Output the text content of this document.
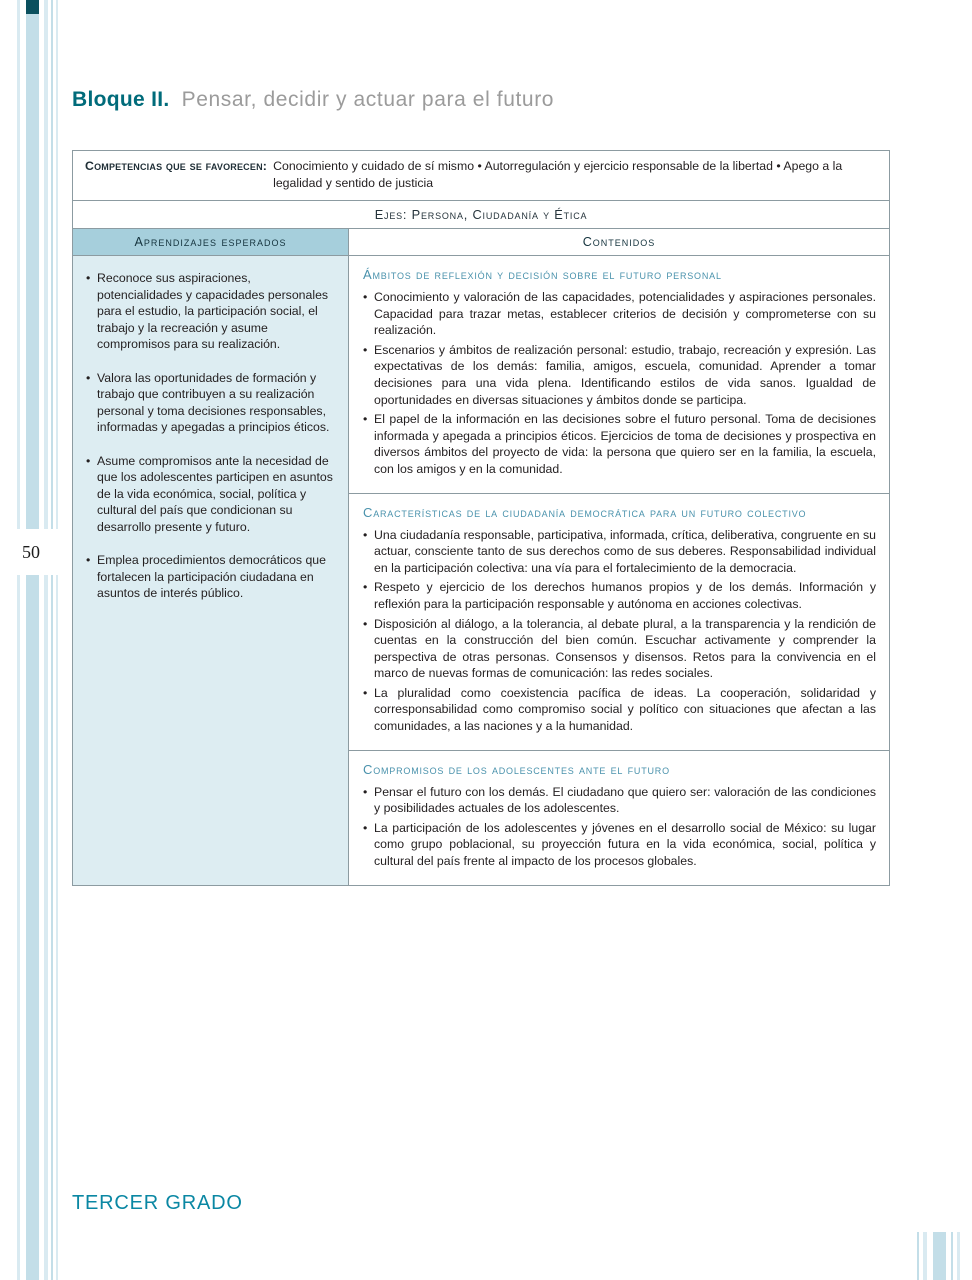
50
Bloque II. Pensar, decidir y actuar para el futuro
Competencias que se favorecen: Conocimiento y cuidado de sí mismo • Autorregulación y ejercicio responsable de la libertad • Apego a la legalidad y sentido de justicia
Ejes: Persona, Ciudadanía y Ética
Aprendizajes esperados	Contenidos
• Reconoce sus aspiraciones, potencialidades y capacidades personales para el estudio, la participación social, el trabajo y la recreación y asume compromisos para su realización.
• Valora las oportunidades de formación y trabajo que contribuyen a su realización personal y toma decisiones responsables, informadas y apegadas a principios éticos.
• Asume compromisos ante la necesidad de que los adolescentes participen en asuntos de la vida económica, social, política y cultural del país que condicionan su desarrollo presente y futuro.
• Emplea procedimientos democráticos que fortalecen la participación ciudadana en asuntos de interés público.
Ámbitos de reflexión y decisión sobre el futuro personal
• Conocimiento y valoración de las capacidades, potencialidades y aspiraciones personales. Capacidad para trazar metas, establecer criterios de decisión y comprometerse con su realización.
• Escenarios y ámbitos de realización personal: estudio, trabajo, recreación y expresión. Las expectativas de los demás: familia, amigos, escuela, comunidad. Aprender a tomar decisiones para una vida plena. Identificando estilos de vida sanos. Igualdad de oportunidades en diversas situaciones y ámbitos donde se participa.
• El papel de la información en las decisiones sobre el futuro personal. Toma de decisiones informada y apegada a principios éticos. Ejercicios de toma de decisiones y prospectiva en diversos ámbitos del proyecto de vida: la persona que quiero ser en la familia, la escuela, con los amigos y en la comunidad.
Características de la ciudadanía democrática para un futuro colectivo
• Una ciudadanía responsable, participativa, informada, crítica, deliberativa, congruente en su actuar, consciente tanto de sus derechos como de sus deberes. Responsabilidad individual en la participación colectiva: una vía para el fortalecimiento de la democracia.
• Respeto y ejercicio de los derechos humanos propios y de los demás. Información y reflexión para la participación responsable y autónoma en acciones colectivas.
• Disposición al diálogo, a la tolerancia, al debate plural, a la transparencia y la rendición de cuentas en la construcción del bien común. Escuchar activamente y comprender la perspectiva de otras personas. Consensos y disensos. Retos para la convivencia en el marco de nuevas formas de comunicación: las redes sociales.
• La pluralidad como coexistencia pacífica de ideas. La cooperación, solidaridad y corresponsabilidad como compromiso social y político con situaciones que afectan a las comunidades, a las naciones y a la humanidad.
Compromisos de los adolescentes ante el futuro
• Pensar el futuro con los demás. El ciudadano que quiero ser: valoración de las condiciones y posibilidades actuales de los adolescentes.
• La participación de los adolescentes y jóvenes en el desarrollo social de México: su lugar como grupo poblacional, su proyección futura en la vida económica, social, política y cultural del país frente al impacto de los procesos globales.
TERCER GRADO
